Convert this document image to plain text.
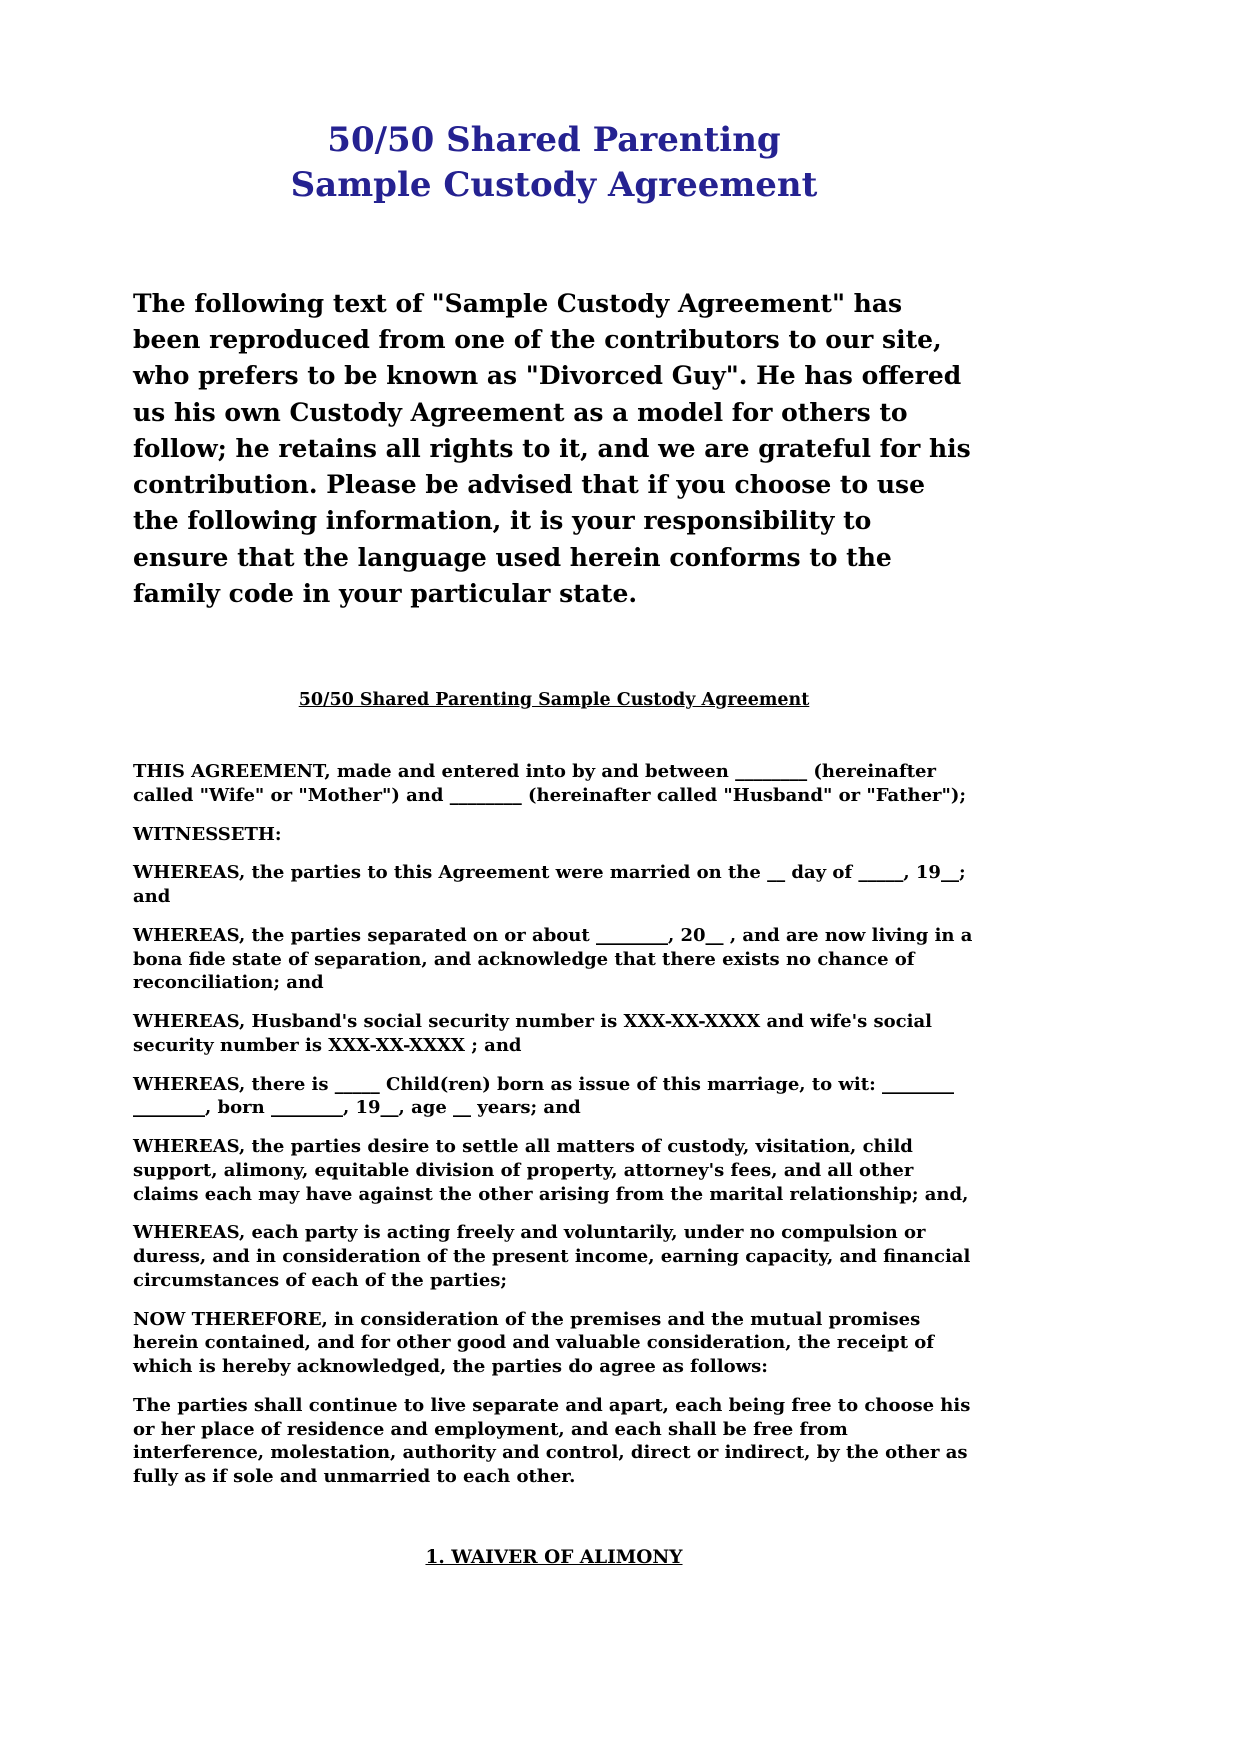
50/50 Shared Parenting
Sample Custody Agreement

The following text of "Sample Custody Agreement" has been reproduced from one of the contributors to our site, who prefers to be known as "Divorced Guy". He has offered us his own Custody Agreement as a model for others to follow; he retains all rights to it, and we are grateful for his contribution. Please be advised that if you choose to use the following information, it is your responsibility to ensure that the language used herein conforms to the family code in your particular state.

50/50 Shared Parenting Sample Custody Agreement

THIS AGREEMENT, made and entered into by and between ________ (hereinafter called "Wife" or "Mother") and ________ (hereinafter called "Husband" or "Father");

WITNESSETH:

WHEREAS, the parties to this Agreement were married on the __ day of _____, 19__; and

WHEREAS, the parties separated on or about ________, 20__ , and are now living in a bona fide state of separation, and acknowledge that there exists no chance of reconciliation; and

WHEREAS, Husband's social security number is XXX-XX-XXXX and wife's social security number is XXX-XX-XXXX ; and

WHEREAS, there is _____ Child(ren) born as issue of this marriage, to wit: ________ ________, born ________, 19__, age __ years; and

WHEREAS, the parties desire to settle all matters of custody, visitation, child support, alimony, equitable division of property, attorney's fees, and all other claims each may have against the other arising from the marital relationship; and,

WHEREAS, each party is acting freely and voluntarily, under no compulsion or duress, and in consideration of the present income, earning capacity, and financial circumstances of each of the parties;

NOW THEREFORE, in consideration of the premises and the mutual promises herein contained, and for other good and valuable consideration, the receipt of which is hereby acknowledged, the parties do agree as follows:

The parties shall continue to live separate and apart, each being free to choose his or her place of residence and employment, and each shall be free from interference, molestation, authority and control, direct or indirect, by the other as fully as if sole and unmarried to each other.

1. WAIVER OF ALIMONY
